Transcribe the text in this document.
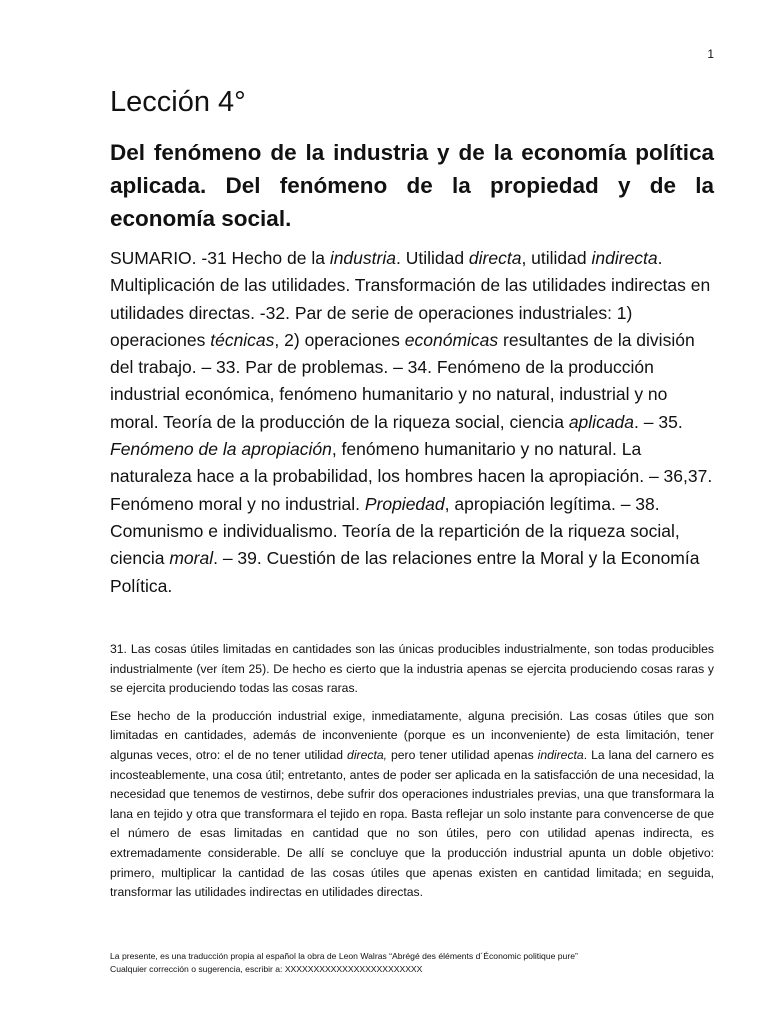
1
Lección 4°
Del fenómeno de la industria y de la economía política aplicada. Del fenómeno de la propiedad y de la economía social.

SUMARIO. -31 Hecho de la industria. Utilidad directa, utilidad indirecta. Multiplicación de las utilidades. Transformación de las utilidades indirectas en utilidades directas. -32. Par de serie de operaciones industriales: 1) operaciones técnicas, 2) operaciones económicas resultantes de la división del trabajo. – 33. Par de problemas. – 34. Fenómeno de la producción industrial económica, fenómeno humanitario y no natural, industrial y no moral. Teoría de la producción de la riqueza social, ciencia aplicada. – 35. Fenómeno de la apropiación, fenómeno humanitario y no natural. La naturaleza hace a la probabilidad, los hombres hacen la apropiación. – 36,37. Fenómeno moral y no industrial. Propiedad, apropiación legítima. – 38. Comunismo e individualismo. Teoría de la repartición de la riqueza social, ciencia moral. – 39. Cuestión de las relaciones entre la Moral y la Economía Política.

31. Las cosas útiles limitadas en cantidades son las únicas producibles industrialmente, son todas producibles industrialmente (ver ítem 25). De hecho es cierto que la industria apenas se ejercita produciendo cosas raras y se ejercita produciendo todas las cosas raras.

Ese hecho de la producción industrial exige, inmediatamente, alguna precisión. Las cosas útiles que son limitadas en cantidades, además de inconveniente (porque es un inconveniente) de esta limitación, tener algunas veces, otro: el de no tener utilidad directa, pero tener utilidad apenas indirecta. La lana del carnero es incosteablemente, una cosa útil; entretanto, antes de poder ser aplicada en la satisfacción de una necesidad, la necesidad que tenemos de vestirnos, debe sufrir dos operaciones industriales previas, una que transformara la lana en tejido y otra que transformara el tejido en ropa. Basta reflejar un solo instante para convencerse de que el número de esas limitadas en cantidad que no son útiles, pero con utilidad apenas indirecta, es extremadamente considerable. De allí se concluye que la producción industrial apunta un doble objetivo: primero, multiplicar la cantidad de las cosas útiles que apenas existen en cantidad limitada; en seguida, transformar las utilidades indirectas en utilidades directas.

La presente, es una traducción propia al español la obra de Leon Walras “Abrégé des éléments d´Économic politique pure”
Cualquier corrección o sugerencia, escribir a: XXXXXXXXXXXXXXXXXXXXXXXX
